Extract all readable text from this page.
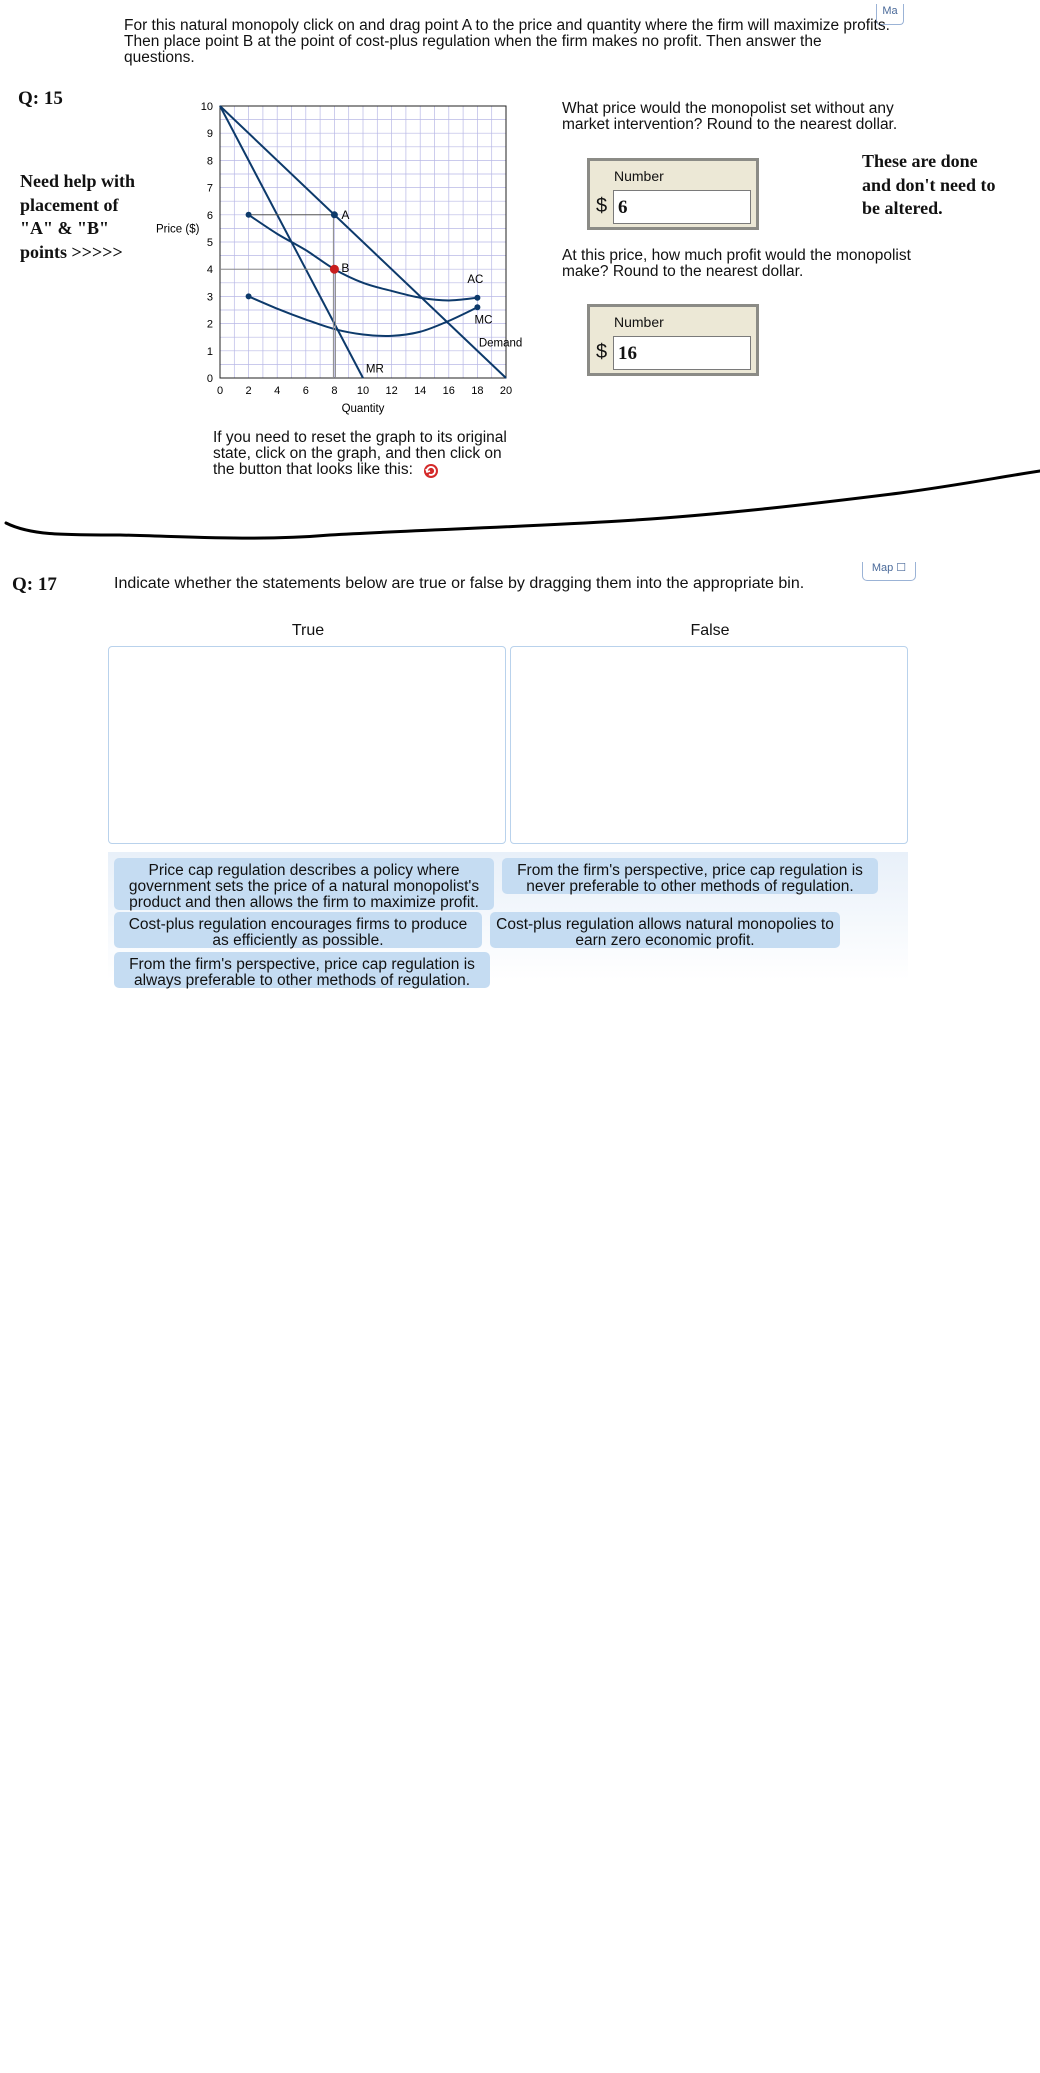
Ma
For this natural monopoly click on and drag point A to the price and quantity where the firm will maximize profits. Then place point B at the point of cost-plus regulation when the firm makes no profit. Then answer the questions.
Q: 15
Need help with
placement of
"A" & "B"
points >>>>>
0
1
2
3
4
5
6
7
8
9
10
0 2 4 6 8 10 12 14 16 18 20
Price ($)
Quantity
A
B
AC
MC
Demand
MR
If you need to reset the graph to its original state, click on the graph, and then click on the button that looks like this:
What price would the monopolist set without any market intervention? Round to the nearest dollar.
Number
$ 6
At this price, how much profit would the monopolist make? Round to the nearest dollar.
Number
$ 16
These are done
and don't need to
be altered.
Q: 17	Indicate whether the statements below are true or false by dragging them into the appropriate bin.
Map ☐
True	False
Price cap regulation describes a policy where government sets the price of a natural monopolist's product and then allows the firm to maximize profit.
From the firm's perspective, price cap regulation is never preferable to other methods of regulation.
Cost-plus regulation encourages firms to produce as efficiently as possible.
Cost-plus regulation allows natural monopolies to earn zero economic profit.
From the firm's perspective, price cap regulation is always preferable to other methods of regulation.
